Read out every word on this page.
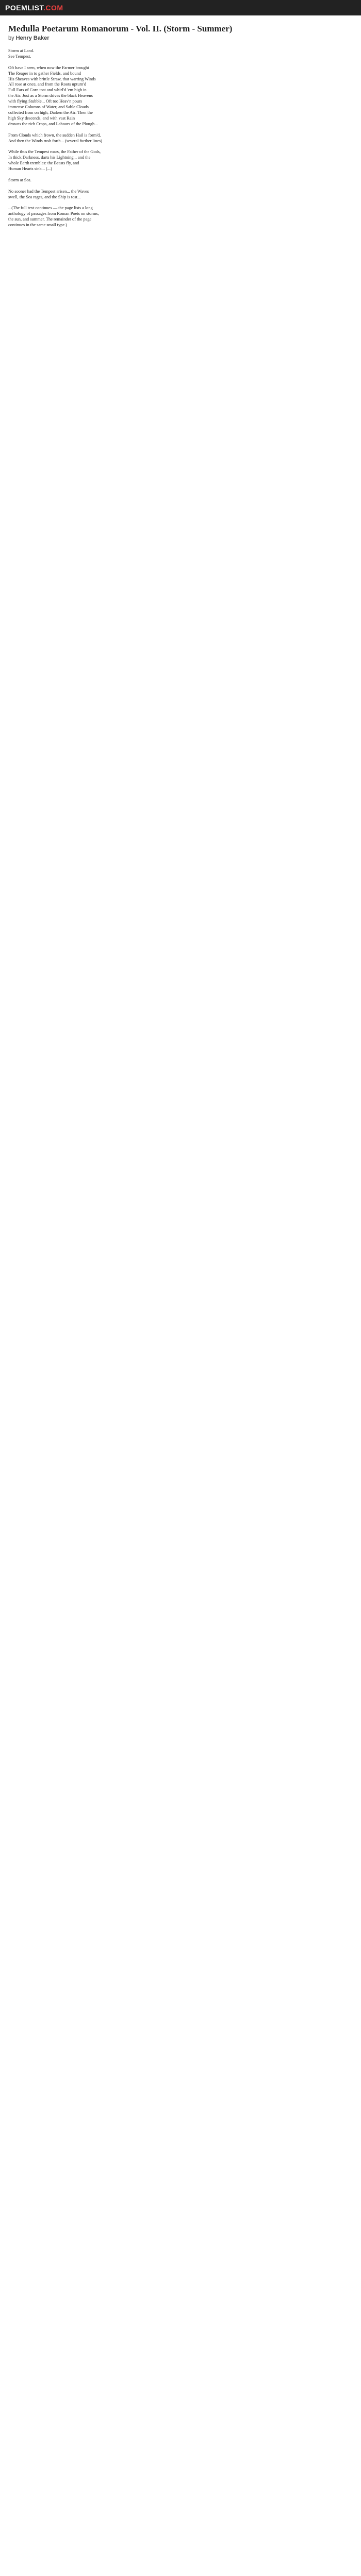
POEMLIST.COM
Medulla Poetarum Romanorum - Vol. II. (Storm - Summer)
by Henry Baker
Storm at Land.
See Tempest.

Oft have I seen, when now the Farmer brought
The Reaper in to gather Fields, and bound
His Sheaves with brittle Straw, that warring Winds
All rose at once, and from the Roots upturn'd
Full Ears of Corn tost and whirl'd 'em high in
the Air: Just as a Storm drives the black Heavens
with flying Stubble... Oft too Heav'n pours
immense Columns of Water, and Sable Clouds
collected from on high, Darken the Air: Then the
high Sky descends, and with vast Rain
drowns the rich Crops, and Labours of the Plough...

From Clouds which frown, the sudden Hail is form'd,
And then the Winds rush forth... (several further lines)

While thus the Tempest roars, the Father of the Gods,
In thick Darkness, darts his Lightning... and the
whole Earth trembles: the Beasts fly, and
Human Hearts sink... (...)

Storm at Sea.

No sooner had the Tempest arisen... the Waves
swell, the Sea rages, and the Ship is tost...

...(The full text continues — the page lists a long
anthology of passages from Roman Poets on storms,
the sun, and summer. The remainder of the page
continues in the same small type.)
